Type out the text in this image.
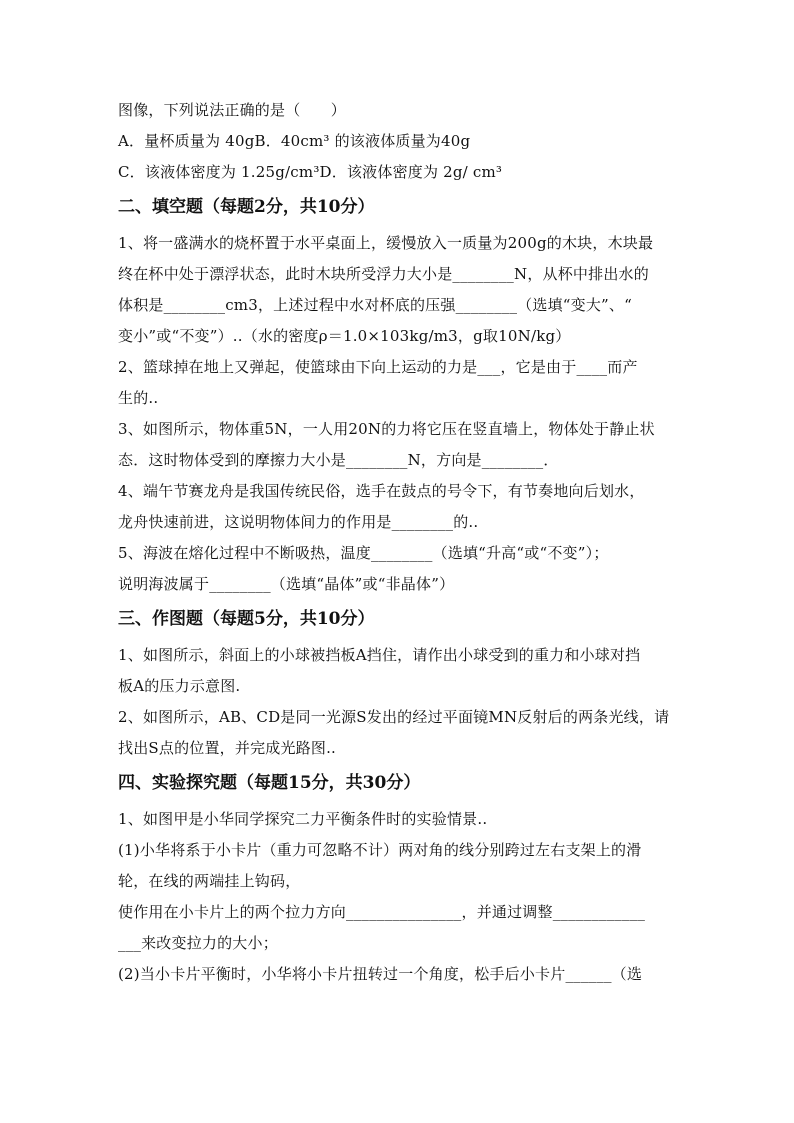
图像，下列说法正确的是（　　）
A．量杯质量为 40gB．40cm³ 的该液体质量为40g
C．该液体密度为 1.25g/cm³D．该液体密度为 2g/ cm³
二、填空题（每题2分，共10分）
1、将一盛满水的烧杯置于水平桌面上，缓慢放入一质量为200g的木块，木块最
终在杯中处于漂浮状态，此时木块所受浮力大小是________N，从杯中排出水的
体积是________cm3，上述过程中水对杯底的压强________（选填“变大”、“
变小”或“不变”）..（水的密度ρ＝1.0×103kg/m3，g取10N/kg）
2、篮球掉在地上又弹起，使篮球由下向上运动的力是___，它是由于____而产
生的..
3、如图所示，物体重5N，一人用20N的力将它压在竖直墙上，物体处于静止状
态．这时物体受到的摩擦力大小是________N，方向是________．
4、端午节赛龙舟是我国传统民俗，选手在鼓点的号令下，有节奏地向后划水，
龙舟快速前进，这说明物体间力的作用是________的..
5、海波在熔化过程中不断吸热，温度________（选填“升高“或“不变”）；
说明海波属于________（选填“晶体”或“非晶体”）
三、作图题（每题5分，共10分）
1、如图所示，斜面上的小球被挡板A挡住，请作出小球受到的重力和小球对挡
板A的压力示意图.
2、如图所示，AB、CD是同一光源S发出的经过平面镜MN反射后的两条光线，请
找出S点的位置，并完成光路图..
四、实验探究题（每题15分，共30分）
1、如图甲是小华同学探究二力平衡条件时的实验情景..
(1)小华将系于小卡片（重力可忽略不计）两对角的线分别跨过左右支架上的滑
轮，在线的两端挂上钩码，
使作用在小卡片上的两个拉力方向_______________，并通过调整____________
___来改变拉力的大小；
(2)当小卡片平衡时，小华将小卡片扭转过一个角度，松手后小卡片______（选
